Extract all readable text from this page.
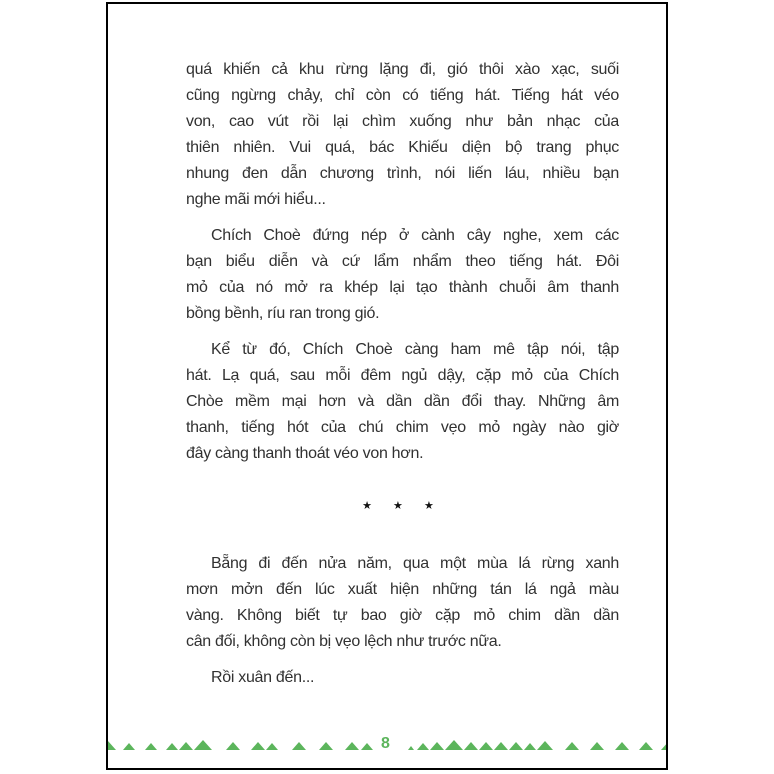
quá khiến cả khu rừng lặng đi, gió thôi xào xạc, suối
cũng ngừng chảy, chỉ còn có tiếng hát. Tiếng hát véo
von, cao vút rồi lại chìm xuống như bản nhạc của
thiên nhiên. Vui quá, bác Khiếu diện bộ trang phục
nhung đen dẫn chương trình, nói liến láu, nhiều bạn
nghe mãi mới hiểu...
Chích Choè đứng nép ở cành cây nghe, xem các
bạn biểu diễn và cứ lẩm nhẩm theo tiếng hát. Đôi
mỏ của nó mở ra khép lại tạo thành chuỗi âm thanh
bồng bềnh, ríu ran trong gió.
Kể từ đó, Chích Choè càng ham mê tập nói, tập
hát. Lạ quá, sau mỗi đêm ngủ dậy, cặp mỏ của Chích
Chòe mềm mại hơn và dần dần đổi thay. Những âm
thanh, tiếng hót của chú chim vẹo mỏ ngày nào giờ
đây càng thanh thoát véo von hơn.
★ ★ ★
Bẵng đi đến nửa năm, qua một mùa lá rừng xanh
mơn mởn đến lúc xuất hiện những tán lá ngả màu
vàng. Không biết tự bao giờ cặp mỏ chim dần dần
cân đối, không còn bị vẹo lệch như trước nữa.
Rồi xuân đến...
8
